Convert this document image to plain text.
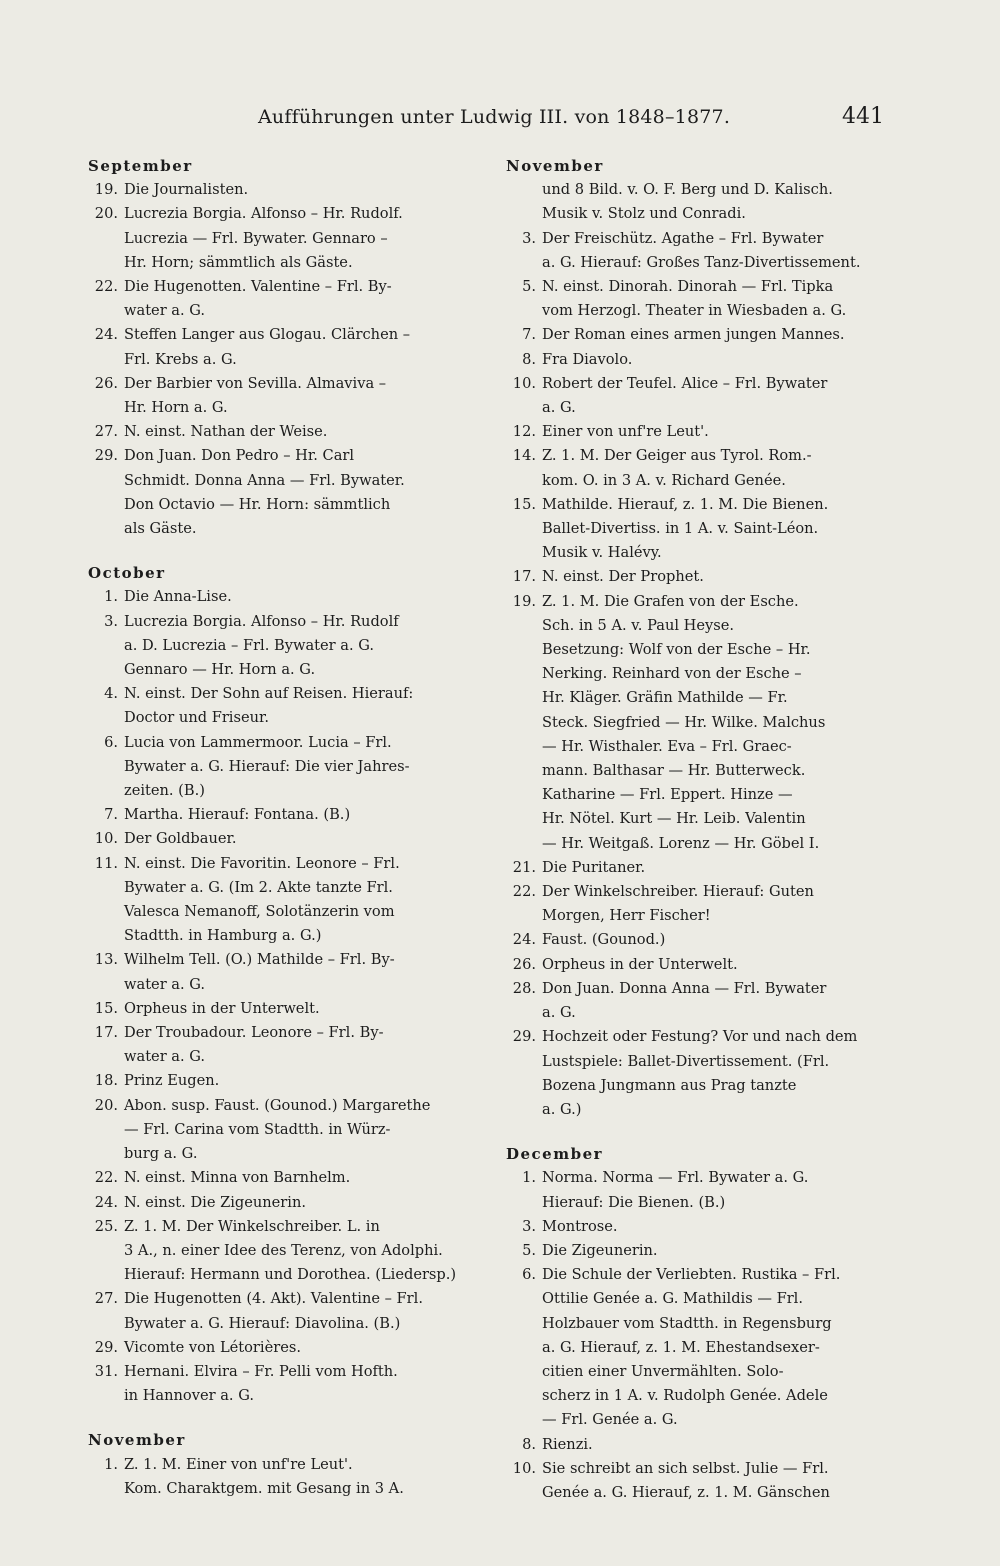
Aufführungen unter Ludwig III. von 1848–1877.	441
September
19. Die Journalisten.
20. Lucrezia Borgia. Alfonso – Hr. Rudolf.
Lucrezia — Frl. Bywater. Gennaro –
Hr. Horn; sämmtlich als Gäste.
22. Die Hugenotten. Valentine – Frl. By-
water a. G.
24. Steffen Langer aus Glogau. Clärchen –
Frl. Krebs a. G.
26. Der Barbier von Sevilla. Almaviva –
Hr. Horn a. G.
27. N. einst. Nathan der Weise.
29. Don Juan. Don Pedro – Hr. Carl
Schmidt. Donna Anna — Frl. Bywater.
Don Octavio — Hr. Horn: sämmtlich
als Gäste.
October
1. Die Anna-Lise.
3. Lucrezia Borgia. Alfonso – Hr. Rudolf
a. D. Lucrezia – Frl. Bywater a. G.
Gennaro — Hr. Horn a. G.
4. N. einst. Der Sohn auf Reisen. Hierauf:
Doctor und Friseur.
6. Lucia von Lammermoor. Lucia – Frl.
Bywater a. G. Hierauf: Die vier Jahres-
zeiten. (B.)
7. Martha. Hierauf: Fontana. (B.)
10. Der Goldbauer.
11. N. einst. Die Favoritin. Leonore – Frl.
Bywater a. G. (Im 2. Akte tanzte Frl.
Valesca Nemanoff, Solotänzerin vom
Stadtth. in Hamburg a. G.)
13. Wilhelm Tell. (O.) Mathilde – Frl. By-
water a. G.
15. Orpheus in der Unterwelt.
17. Der Troubadour. Leonore – Frl. By-
water a. G.
18. Prinz Eugen.
20. Abon. susp. Faust. (Gounod.) Margarethe
— Frl. Carina vom Stadtth. in Würz-
burg a. G.
22. N. einst. Minna von Barnhelm.
24. N. einst. Die Zigeunerin.
25. Z. 1. M. Der Winkelschreiber. L. in
3 A., n. einer Idee des Terenz, von Adolphi.
Hierauf: Hermann und Dorothea. (Liedersp.)
27. Die Hugenotten (4. Akt). Valentine – Frl.
Bywater a. G. Hierauf: Diavolina. (B.)
29. Vicomte von Létorières.
31. Hernani. Elvira – Fr. Pelli vom Hofth.
in Hannover a. G.
November
1. Z. 1. M. Einer von unf're Leut'.
Kom. Charaktgem. mit Gesang in 3 A.
November
und 8 Bild. v. O. F. Berg und D. Kalisch.
Musik v. Stolz und Conradi.
3. Der Freischütz. Agathe – Frl. Bywater
a. G. Hierauf: Großes Tanz-Divertissement.
5. N. einst. Dinorah. Dinorah — Frl. Tipka
vom Herzogl. Theater in Wiesbaden a. G.
7. Der Roman eines armen jungen Mannes.
8. Fra Diavolo.
10. Robert der Teufel. Alice – Frl. Bywater
a. G.
12. Einer von unf're Leut'.
14. Z. 1. M. Der Geiger aus Tyrol. Rom.-
kom. O. in 3 A. v. Richard Genée.
15. Mathilde. Hierauf, z. 1. M. Die Bienen.
Ballet-Divertiss. in 1 A. v. Saint-Léon.
Musik v. Halévy.
17. N. einst. Der Prophet.
19. Z. 1. M. Die Grafen von der Esche.
Sch. in 5 A. v. Paul Heyse.
Besetzung: Wolf von der Esche – Hr.
Nerking. Reinhard von der Esche –
Hr. Kläger. Gräfin Mathilde — Fr.
Steck. Siegfried — Hr. Wilke. Malchus
— Hr. Wisthaler. Eva – Frl. Graec-
mann. Balthasar — Hr. Butterweck.
Katharine — Frl. Eppert. Hinze —
Hr. Nötel. Kurt — Hr. Leib. Valentin
— Hr. Weitgaß. Lorenz — Hr. Göbel I.
21. Die Puritaner.
22. Der Winkelschreiber. Hierauf: Guten
Morgen, Herr Fischer!
24. Faust. (Gounod.)
26. Orpheus in der Unterwelt.
28. Don Juan. Donna Anna — Frl. Bywater
a. G.
29. Hochzeit oder Festung? Vor und nach dem
Lustspiele: Ballet-Divertissement. (Frl.
Bozena Jungmann aus Prag tanzte
a. G.)
December
1. Norma. Norma — Frl. Bywater a. G.
Hierauf: Die Bienen. (B.)
3. Montrose.
5. Die Zigeunerin.
6. Die Schule der Verliebten. Rustika – Frl.
Ottilie Genée a. G. Mathildis — Frl.
Holzbauer vom Stadtth. in Regensburg
a. G. Hierauf, z. 1. M. Ehestandsexer-
citien einer Unvermählten. Solo-
scherz in 1 A. v. Rudolph Genée. Adele
— Frl. Genée a. G.
8. Rienzi.
10. Sie schreibt an sich selbst. Julie — Frl.
Genée a. G. Hierauf, z. 1. M. Gänschen
